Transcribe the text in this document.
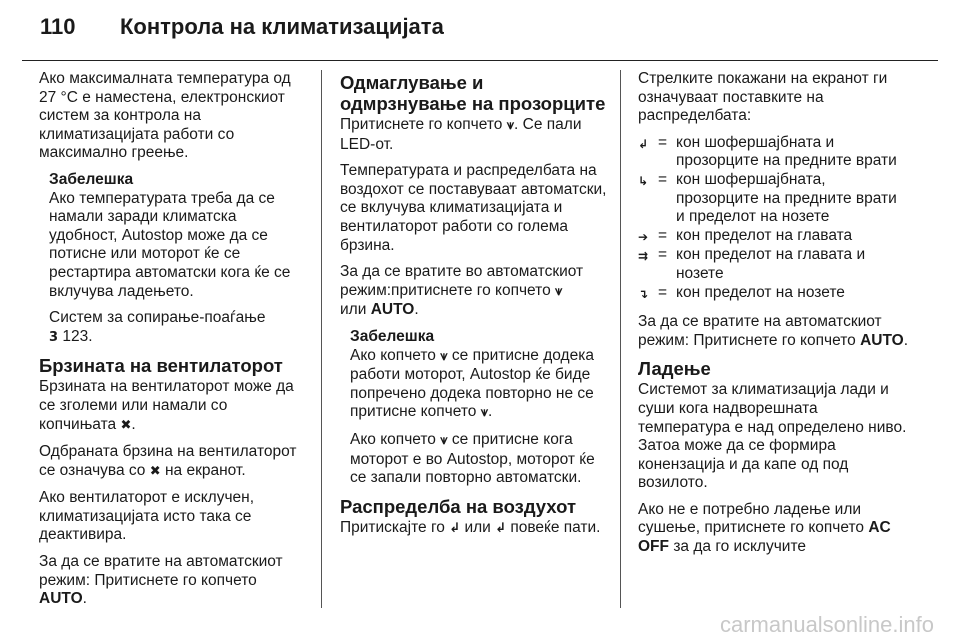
110	Контрола на климатизацијата

Ако максималната температура од 27 °C е наместена, електронскиот систем за контрола на климатизацијата работи со максимално греење.

Забелешка

Ако температурата треба да се намали заради климатска удобност, Autostop може да се потисне или моторот ќе се рестартира автоматски кога ќе се вклучува ладењето.

Систем за сопирање-поаѓање
3 123.

Брзината на вентилаторот

Брзината на вентилаторот може да се зголеми или намали со копчињата ✖.

Одбраната брзина на вентилаторот се означува со ✖ на екранот.

Ако вентилаторот е исклучен, климатизацијата исто така се деактивира.

За да се вратите на автоматскиот режим: Притиснете го копчето AUTO.

Одмаглување и одмрзнување на прозорците

Притиснете го копчето ⩛. Се пали LED-от.

Температурата и распределбата на воздохот се поставуваат автоматски, се вклучува климатизацијата и вентилаторот работи со голема брзина.

За да се вратите во автоматскиот режим:притиснете го копчето ⩛
или AUTO.

Забелешка

Ако копчето ⩛ се притисне додека работи моторот, Autostop ќе биде попречено додека повторно не се притисне копчето ⩛.

Ако копчето ⩛ се притисне кога моторот е во Autostop, моторот ќе се запали повторно автоматски.

Распределба на воздухот

Притискајте го ↲ или ↲ повеќе пати.

Стрелките покажани на екранот ги означуваат поставките на распределбата:

↲ = кон шофершајбната и прозорците на предните врати
↳ = кон шофершајбната, прозорците на предните врати и пределот на нозете
➔ = кон пределот на главата
⇉ = кон пределот на главата и нозете
↴ = кон пределот на нозете

За да се вратите на автоматскиот режим: Притиснете го копчето AUTO.

Ладење

Системот за климатизација лади и суши кога надворешната температура е над определено ниво. Затоа може да се формира конензација и да капе од под возилото.

Ако не е потребно ладење или сушење, притиснете го копчето AC OFF за да го исклучите

carmanualsonline.info
